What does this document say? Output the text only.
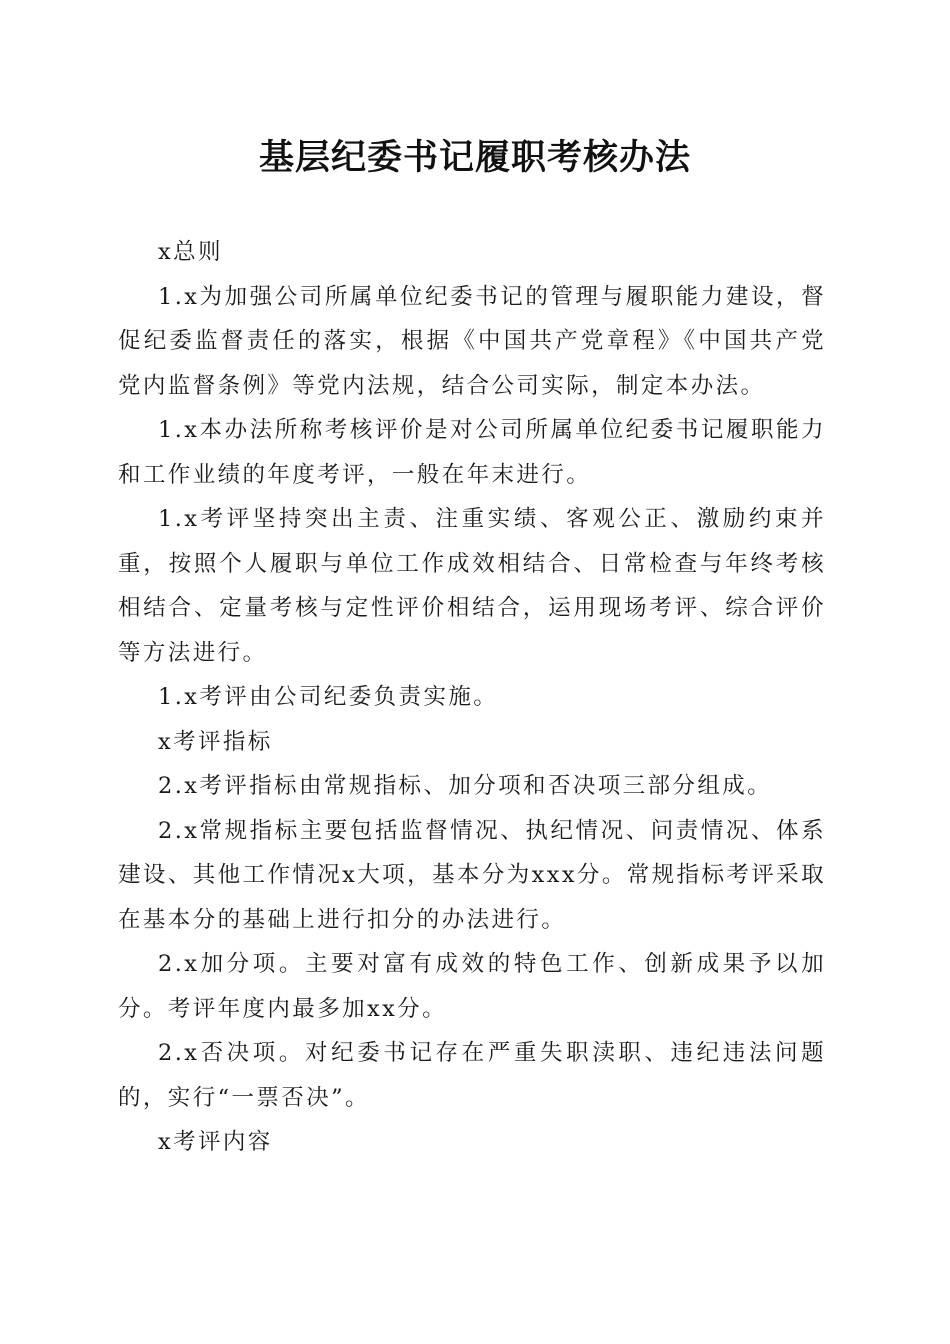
基层纪委书记履职考核办法

x总则

1.x为加强公司所属单位纪委书记的管理与履职能力建设，督促纪委监督责任的落实，根据《中国共产党章程》《中国共产党党内监督条例》等党内法规，结合公司实际，制定本办法。

1.x本办法所称考核评价是对公司所属单位纪委书记履职能力和工作业绩的年度考评，一般在年末进行。

1.x考评坚持突出主责、注重实绩、客观公正、激励约束并重，按照个人履职与单位工作成效相结合、日常检查与年终考核相结合、定量考核与定性评价相结合，运用现场考评、综合评价等方法进行。

1.x考评由公司纪委负责实施。

x考评指标

2.x考评指标由常规指标、加分项和否决项三部分组成。

2.x常规指标主要包括监督情况、执纪情况、问责情况、体系建设、其他工作情况x大项，基本分为xxx分。常规指标考评采取在基本分的基础上进行扣分的办法进行。

2.x加分项。主要对富有成效的特色工作、创新成果予以加分。考评年度内最多加xx分。

2.x否决项。对纪委书记存在严重失职渎职、违纪违法问题的，实行“一票否决”。

x考评内容
